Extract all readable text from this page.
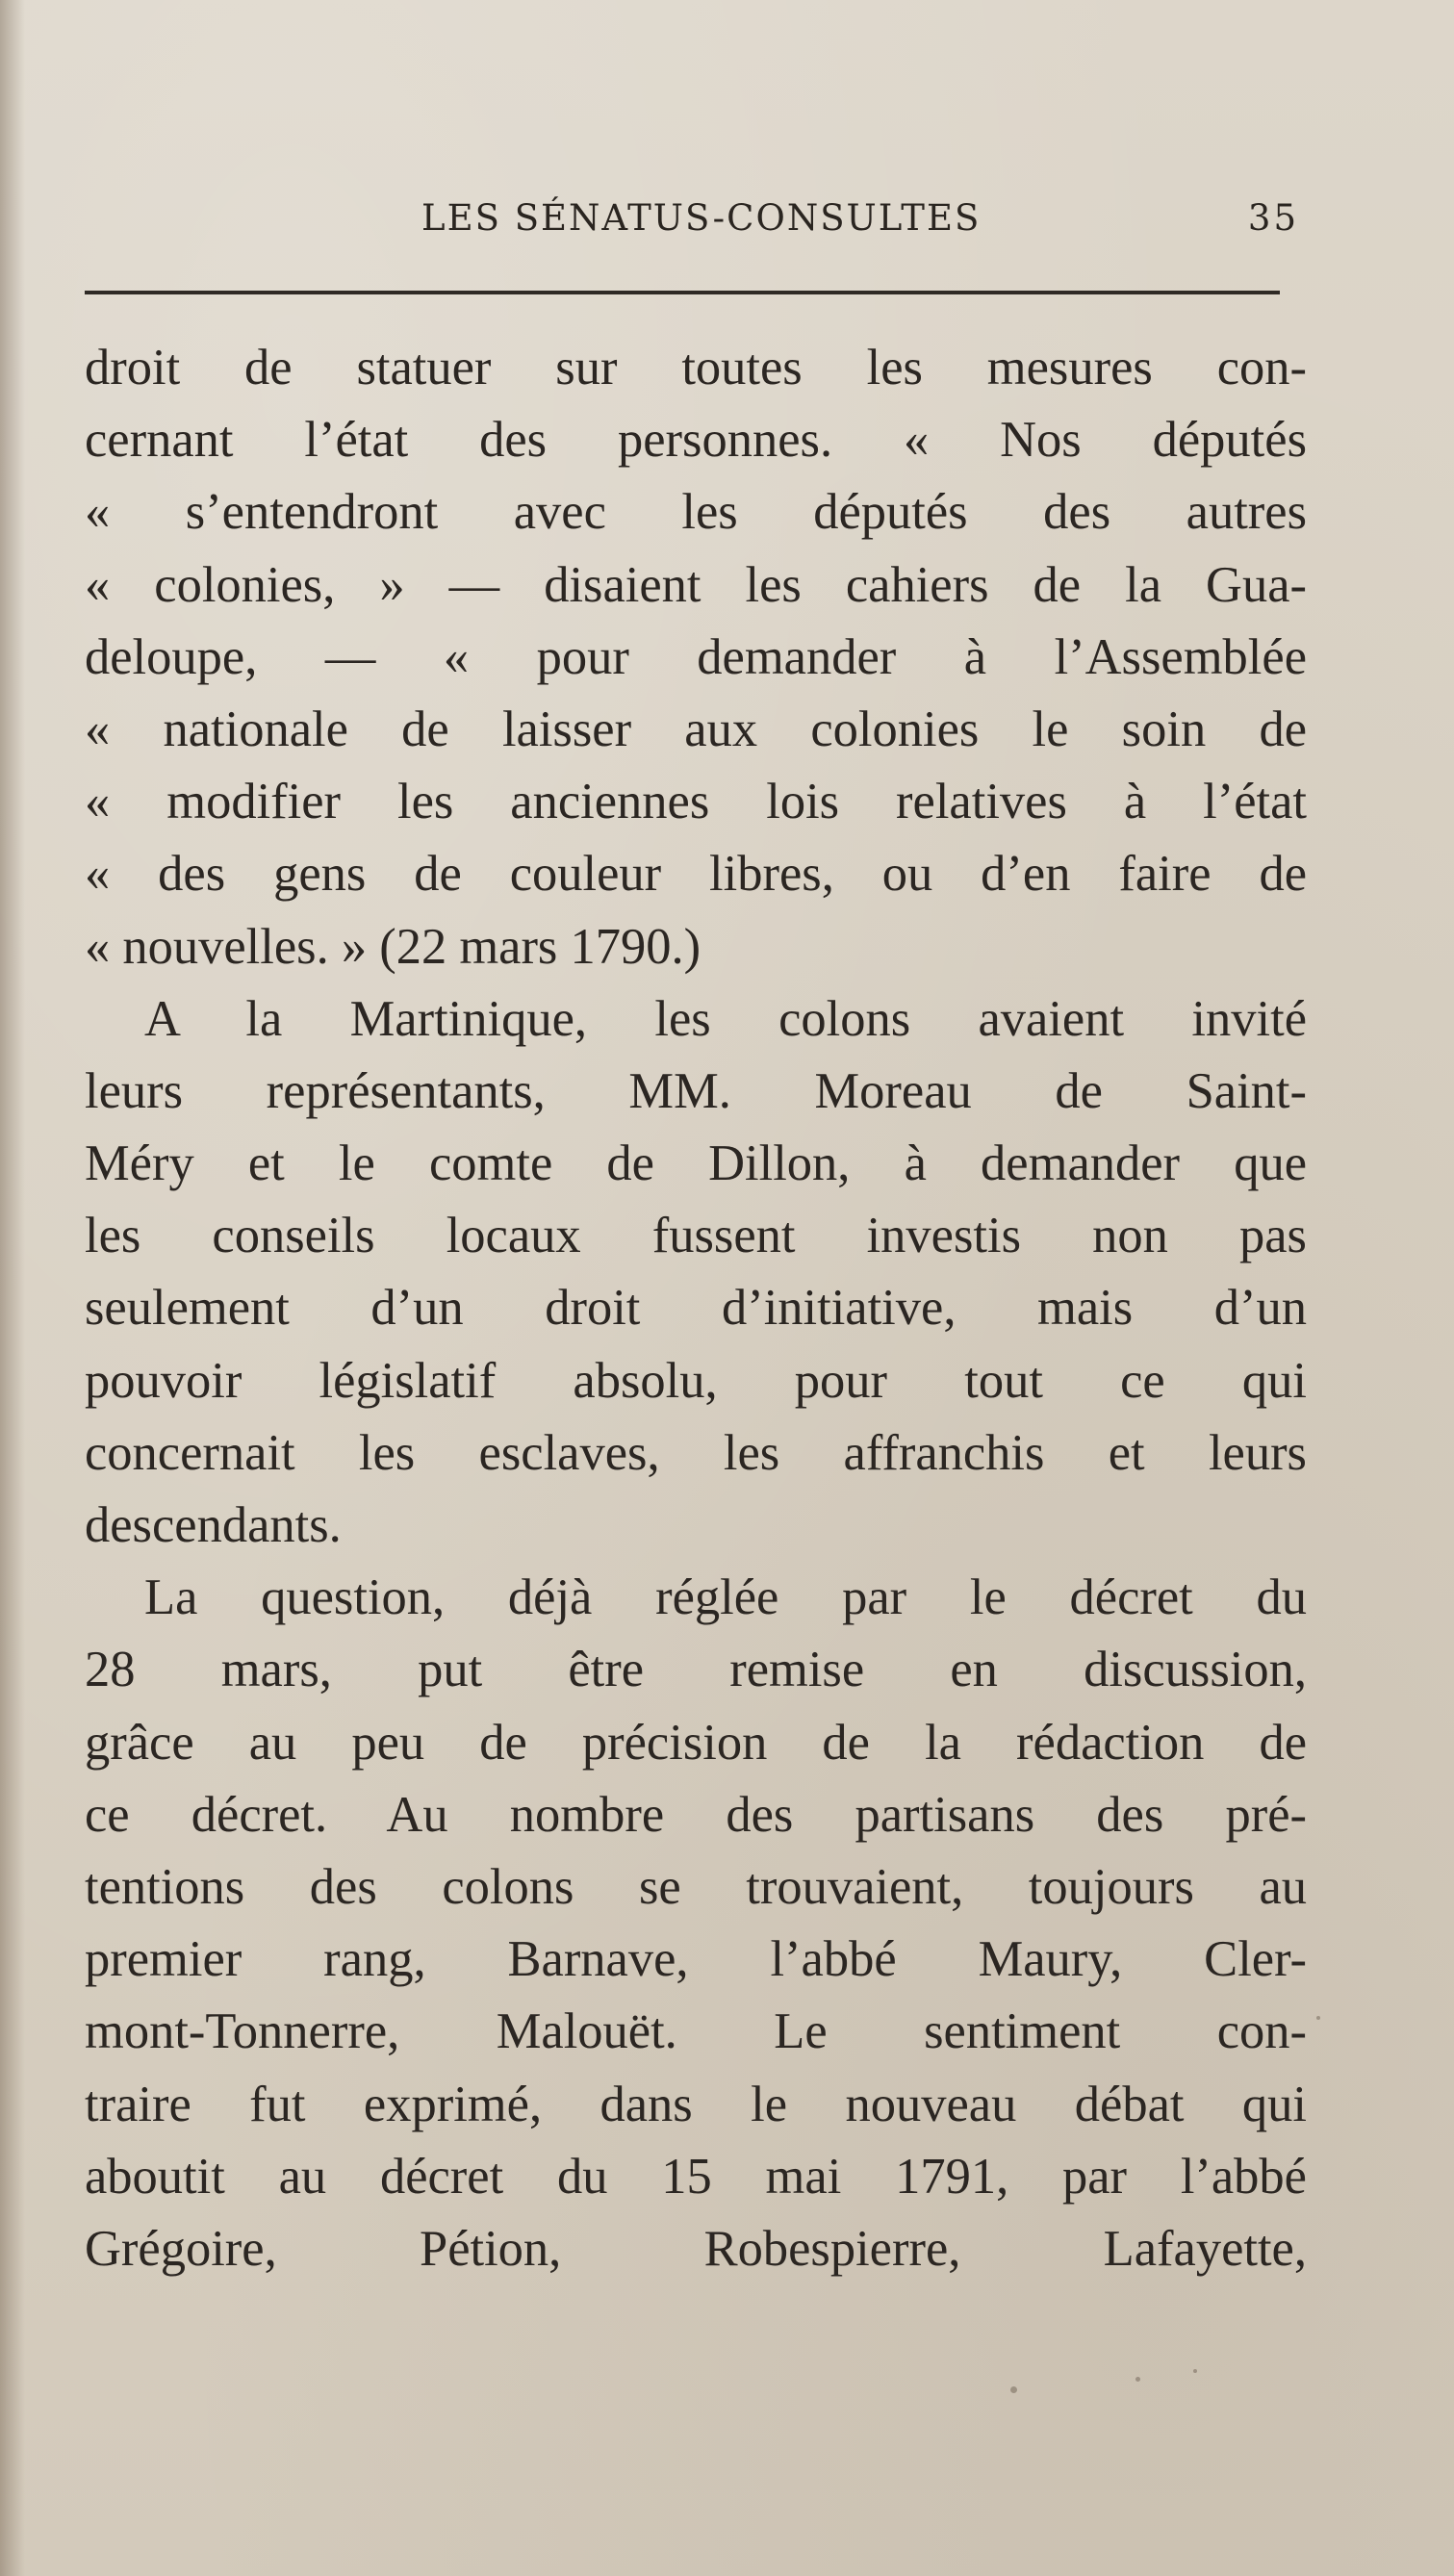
LES SÉNATUS-CONSULTES	35
droit de statuer sur toutes les mesures con-
cernant l’état des personnes. « Nos députés
« s’entendront avec les députés des autres
« colonies, » — disaient les cahiers de la Gua-
deloupe, — « pour demander à l’Assemblée
« nationale de laisser aux colonies le soin de
« modifier les anciennes lois relatives à l’état
« des gens de couleur libres, ou d’en faire de
« nouvelles. » (22 mars 1790.)
A la Martinique, les colons avaient invité
leurs représentants, MM. Moreau de Saint-
Méry et le comte de Dillon, à demander que
les conseils locaux fussent investis non pas
seulement d’un droit d’initiative, mais d’un
pouvoir législatif absolu, pour tout ce qui
concernait les esclaves, les affranchis et leurs
descendants.
La question, déjà réglée par le décret du
28 mars, put être remise en discussion,
grâce au peu de précision de la rédaction de
ce décret. Au nombre des partisans des pré-
tentions des colons se trouvaient, toujours au
premier rang, Barnave, l’abbé Maury, Cler-
mont-Tonnerre, Malouët. Le sentiment con-
traire fut exprimé, dans le nouveau débat qui
aboutit au décret du 15 mai 1791, par l’abbé
Grégoire, Pétion, Robespierre, Lafayette,
